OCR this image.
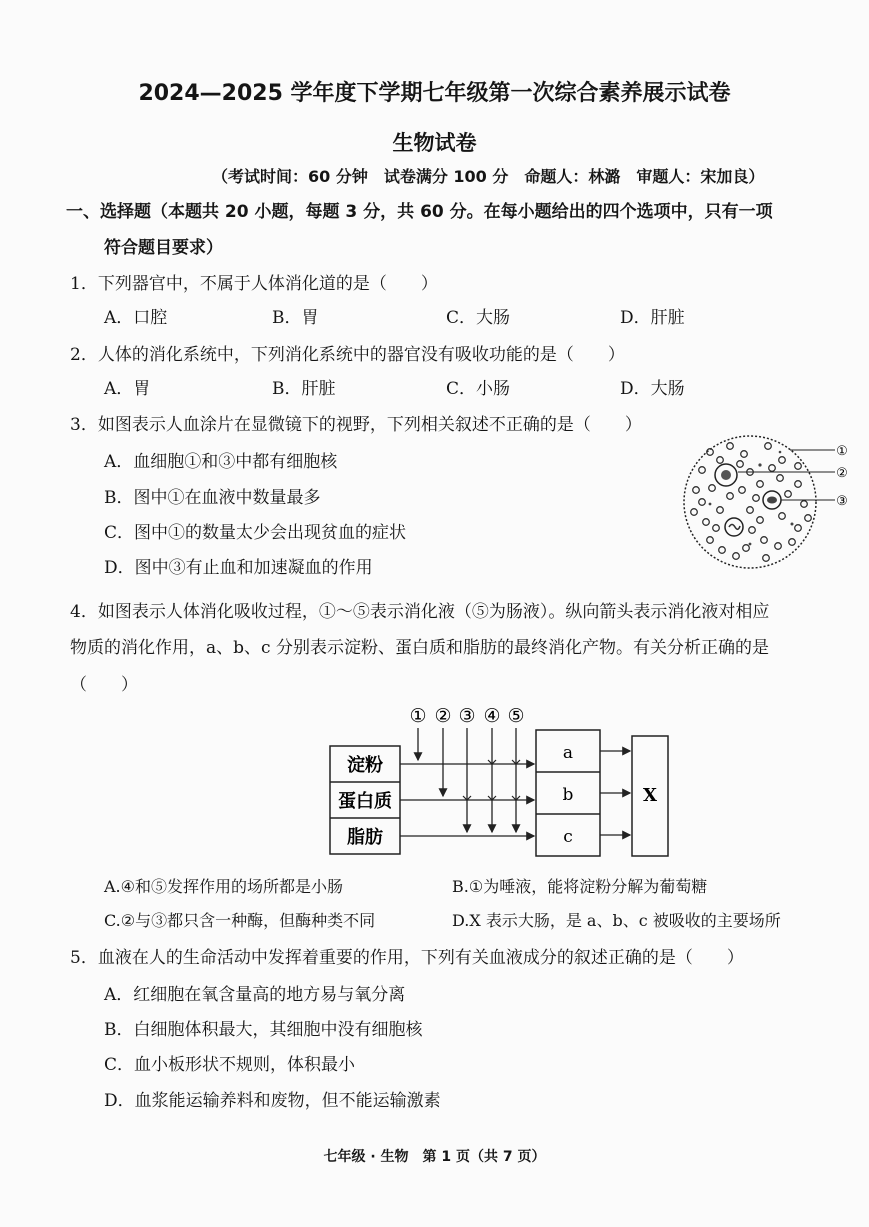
2024—2025 学年度下学期七年级第一次综合素养展示试卷
生物试卷
（考试时间：60 分钟　试卷满分 100 分　命题人：林潞　审题人：宋加良）
一、选择题（本题共 20 小题，每题 3 分，共 60 分。在每小题给出的四个选项中，只有一项
符合题目要求）
1．下列器官中，不属于人体消化道的是（　　）
A．口腔	B．胃	C．大肠	D．肝脏
2．人体的消化系统中，下列消化系统中的器官没有吸收功能的是（　　）
A．胃	B．肝脏	C．小肠	D．大肠
3．如图表示人血涂片在显微镜下的视野，下列相关叙述不正确的是（　　）
A．血细胞①和③中都有细胞核
B．图中①在血液中数量最多
C．图中①的数量太少会出现贫血的症状
D．图中③有止血和加速凝血的作用
①
②
③
4．如图表示人体消化吸收过程，①～⑤表示消化液（⑤为肠液）。纵向箭头表示消化液对相应
物质的消化作用，a、b、c 分别表示淀粉、蛋白质和脂肪的最终消化产物。有关分析正确的是
（　　）
① ② ③ ④ ⑤
淀粉
蛋白质
脂肪
a
b
c
X
A.④和⑤发挥作用的场所都是小肠	B.①为唾液，能将淀粉分解为葡萄糖
C.②与③都只含一种酶，但酶种类不同	D.X 表示大肠，是 a、b、c 被吸收的主要场所
5．血液在人的生命活动中发挥着重要的作用，下列有关血液成分的叙述正确的是（　　）
A．红细胞在氧含量高的地方易与氧分离
B．白细胞体积最大，其细胞中没有细胞核
C．血小板形状不规则，体积最小
D．血浆能运输养料和废物，但不能运输激素
七年级 · 生物　第 1 页（共 7 页）
